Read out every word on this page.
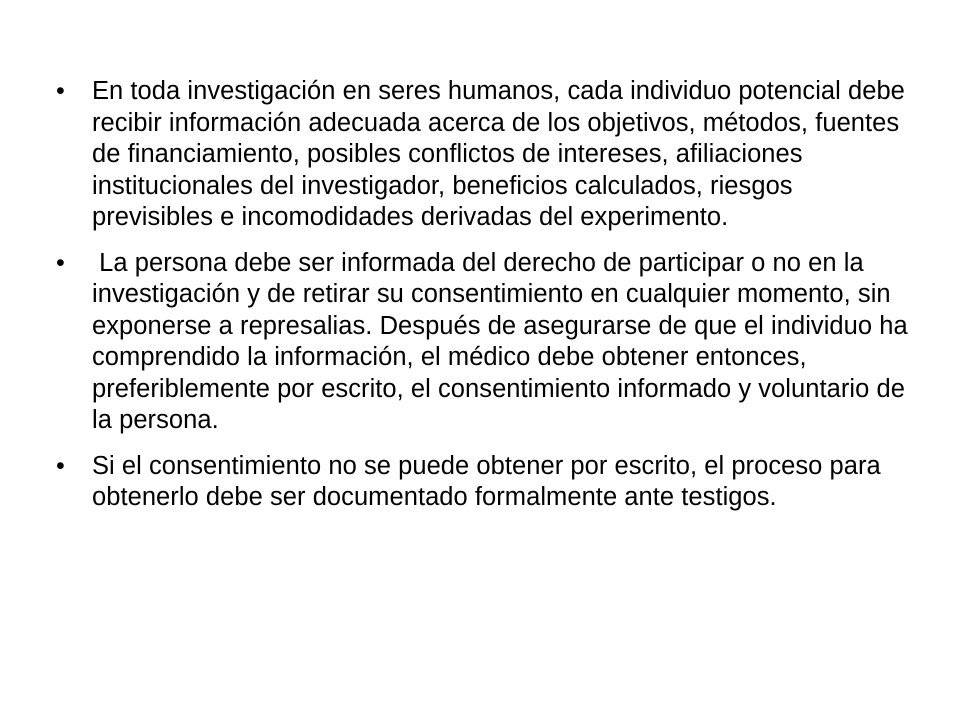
•	En toda investigación en seres humanos, cada individuo potencial debe recibir información adecuada acerca de los objetivos, métodos, fuentes de financiamiento, posibles conflictos de intereses, afiliaciones institucionales del investigador, beneficios calculados, riesgos previsibles e incomodidades derivadas del experimento.
•	La persona debe ser informada del derecho de participar o no en la investigación y de retirar su consentimiento en cualquier momento, sin exponerse a represalias. Después de asegurarse de que el individuo ha comprendido la información, el médico debe obtener entonces, preferiblemente por escrito, el consentimiento informado y voluntario de la persona.
•	Si el consentimiento no se puede obtener por escrito, el proceso para obtenerlo debe ser documentado formalmente ante testigos.
